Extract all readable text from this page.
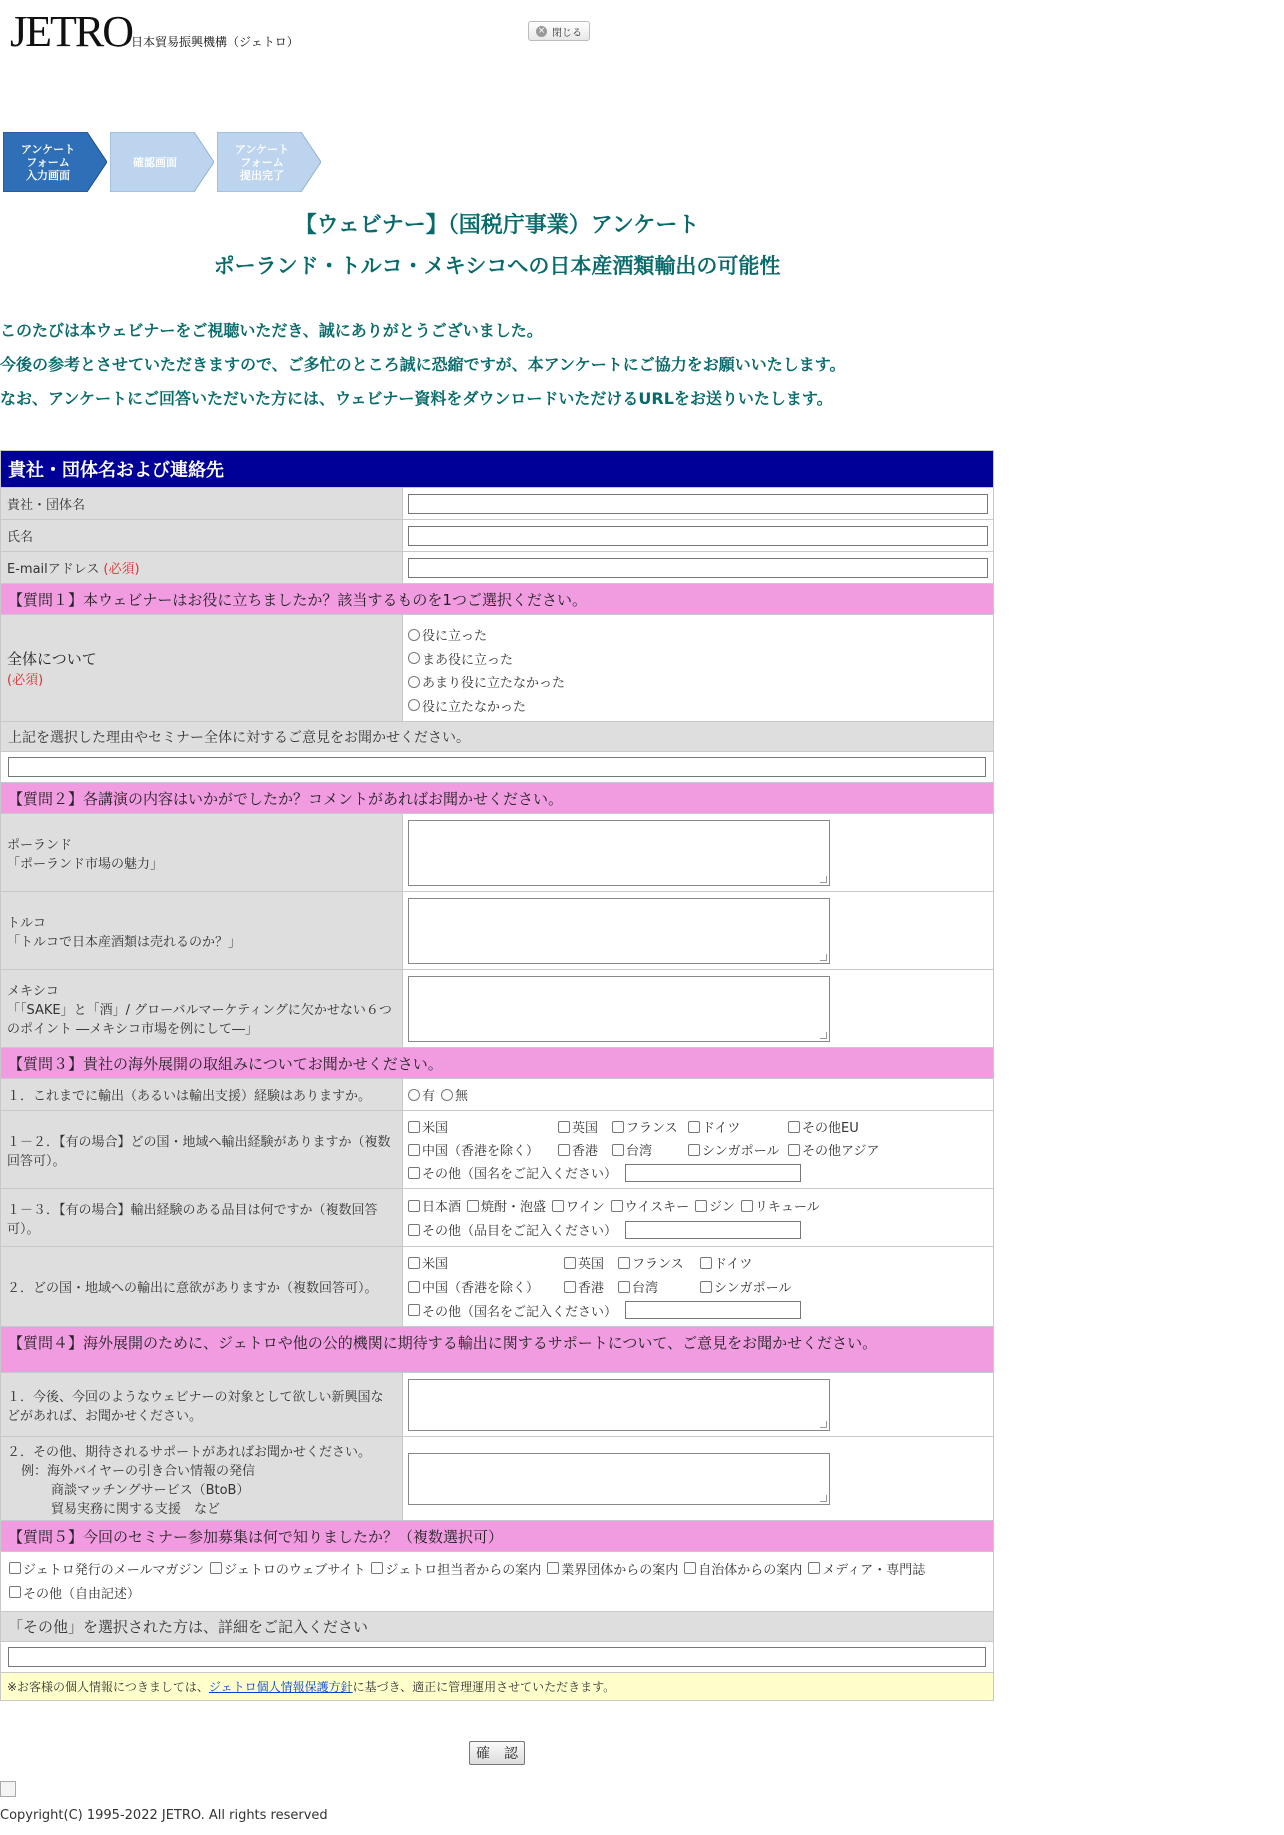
JETRO 日本貿易振興機構（ジェトロ）
× 閉じる
アンケート
フォーム
入力画面
確認画面
アンケート
フォーム
提出完了
【ウェビナー】（国税庁事業）アンケート
ポーランド・トルコ・メキシコへの日本産酒類輸出の可能性
このたびは本ウェビナーをご視聴いただき、誠にありがとうございました。
今後の参考とさせていただきますので、ご多忙のところ誠に恐縮ですが、本アンケートにご協力をお願いいたします。
なお、アンケートにご回答いただいた方には、ウェビナー資料をダウンロードいただけるURLをお送りいたします。
貴社・団体名および連絡先
貴社・団体名
氏名
E-mailアドレス (必須)
【質問１】本ウェビナーはお役に立ちましたか？該当するものを1つご選択ください。
全体について
(必須)
役に立った
まあ役に立った
あまり役に立たなかった
役に立たなかった
上記を選択した理由やセミナー全体に対するご意見をお聞かせください。
【質問２】各講演の内容はいかがでしたか？コメントがあればお聞かせください。
ポーランド
「ポーランド市場の魅力」
トルコ
「トルコで日本産酒類は売れるのか？」
メキシコ
「「SAKE」と「酒」/ グローバルマーケティングに欠かせない６つのポイント ―メキシコ市場を例にして―」
【質問３】貴社の海外展開の取組みについてお聞かせください。
１．これまでに輸出（あるいは輸出支援）経験はありますか。	有 無
１－２．【有の場合】どの国・地域へ輸出経験がありますか（複数回答可）。
米国	英国 フランス ドイツ	その他EU
中国（香港を除く）	香港 台湾	シンガポール その他アジア
その他（国名をご記入ください）
１－３．【有の場合】輸出経験のある品目は何ですか（複数回答可）。
日本酒 焼酎・泡盛 ワイン ウイスキー ジン リキュール
その他（品目をご記入ください）
２．どの国・地域への輸出に意欲がありますか（複数回答可）。
米国	英国 フランス ドイツ
中国（香港を除く）	香港 台湾	シンガポール
その他（国名をご記入ください）
【質問４】海外展開のために、ジェトロや他の公的機関に期待する輸出に関するサポートについて、ご意見をお聞かせください。
１．今後、今回のようなウェビナーの対象として欲しい新興国などがあれば、お聞かせください。
２．その他、期待されるサポートがあればお聞かせください。
例：海外バイヤーの引き合い情報の発信
商談マッチングサービス（BtoB）
貿易実務に関する支援　など
【質問５】今回のセミナー参加募集は何で知りましたか？（複数選択可）
ジェトロ発行のメールマガジン ジェトロのウェブサイト ジェトロ担当者からの案内 業界団体からの案内 自治体からの案内 メディア・専門誌
その他（自由記述）
「その他」を選択された方は、詳細をご記入ください
※お客様の個人情報につきましては、 ジェトロ個人情報保護方針 に基づき、適正に管理運用させていただきます。
確　認
Copyright(C) 1995-2022 JETRO. All rights reserved
